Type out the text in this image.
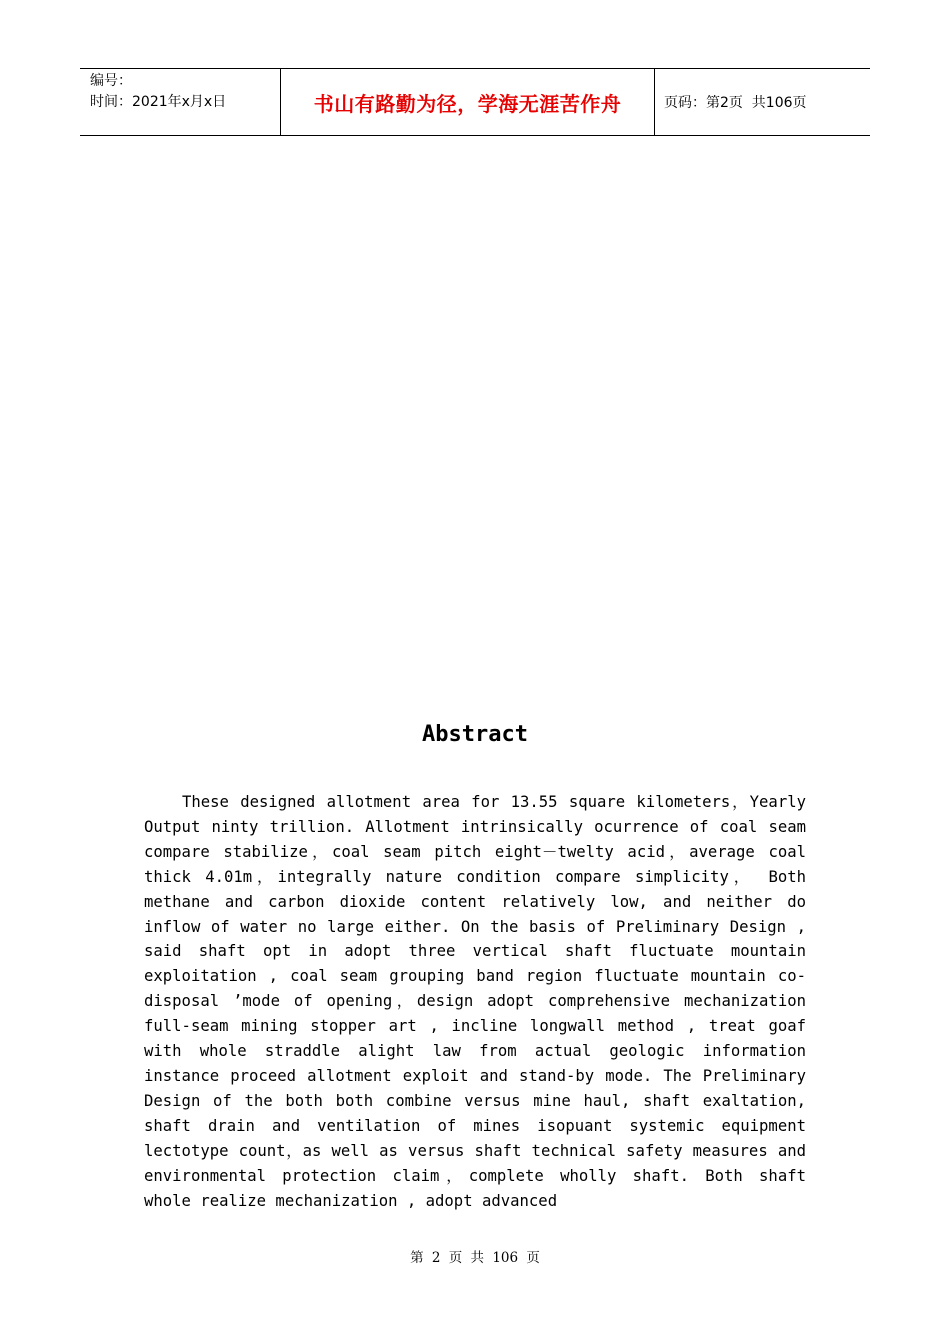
编号：
时间：2021年x月x日	书山有路勤为径，学海无涯苦作舟	页码：第2页  共106页
Abstract

These designed allotment area for 13.55 square kilometers，Yearly Output ninty trillion. Allotment intrinsically ocurrence of coal seam compare stabilize，coal seam pitch eight－twelty acid，average coal thick 4.01m，integrally nature condition compare simplicity， Both methane and carbon dioxide content relatively low, and neither do inflow of water no large either. On the basis of Preliminary Design , said shaft opt in adopt three vertical shaft fluctuate mountain exploitation , coal seam grouping band region fluctuate mountain co- disposal ’mode of opening，design adopt comprehensive mechanization full-seam mining stopper art , incline longwall method , treat goaf with whole straddle alight law from actual geologic information instance proceed allotment exploit and stand-by mode. The Preliminary Design of the both both combine versus mine haul, shaft exaltation, shaft drain and ventilation of mines isopuant systemic equipment lectotype count，as well as versus shaft technical safety measures and environmental protection claim，complete wholly shaft. Both shaft whole realize mechanization , adopt advanced

第 2 页 共 106 页
